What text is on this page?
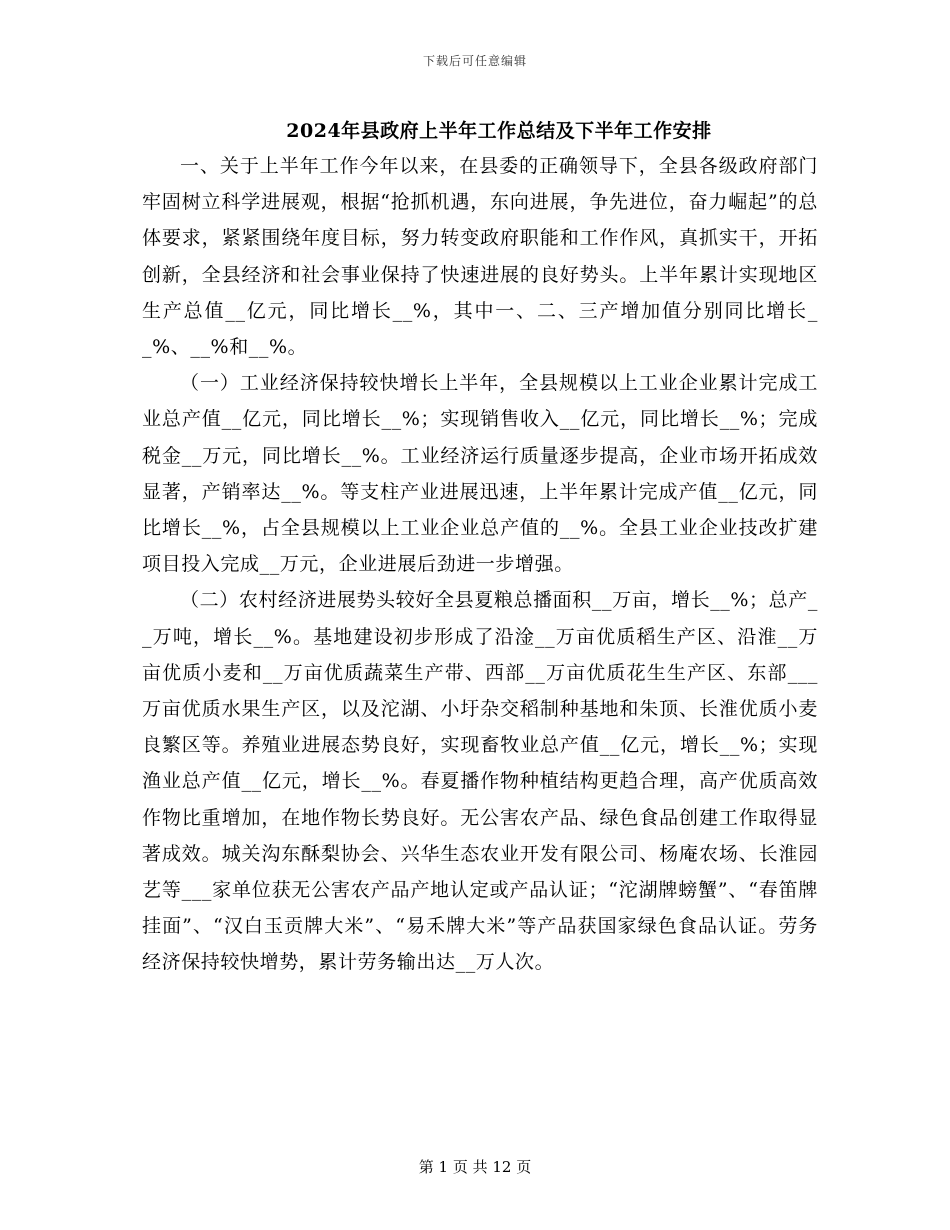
下载后可任意编辑
2024年县政府上半年工作总结及下半年工作安排

一、关于上半年工作今年以来，在县委的正确领导下，全县各级政府部门牢固树立科学进展观，根据“抢抓机遇，东向进展，争先进位，奋力崛起”的总体要求，紧紧围绕年度目标，努力转变政府职能和工作作风，真抓实干，开拓创新，全县经济和社会事业保持了快速进展的良好势头。上半年累计实现地区生产总值__亿元，同比增长__%，其中一、二、三产增加值分别同比增长__%、__%和__%。

（一）工业经济保持较快增长上半年，全县规模以上工业企业累计完成工业总产值__亿元，同比增长__%；实现销售收入__亿元，同比增长__%；完成税金__万元，同比增长__%。工业经济运行质量逐步提高，企业市场开拓成效显著，产销率达__%。等支柱产业进展迅速，上半年累计完成产值__亿元，同比增长__%，占全县规模以上工业企业总产值的__%。全县工业企业技改扩建项目投入完成__万元，企业进展后劲进一步增强。

（二）农村经济进展势头较好全县夏粮总播面积__万亩，增长__%；总产__万吨，增长__%。基地建设初步形成了沿淦__万亩优质稻生产区、沿淮__万亩优质小麦和__万亩优质蔬菜生产带、西部__万亩优质花生生产区、东部___万亩优质水果生产区，以及沱湖、小圩杂交稻制种基地和朱顶、长淮优质小麦良繁区等。养殖业进展态势良好，实现畜牧业总产值__亿元，增长__%；实现渔业总产值__亿元，增长__%。春夏播作物种植结构更趋合理，高产优质高效作物比重增加，在地作物长势良好。无公害农产品、绿色食品创建工作取得显著成效。城关沟东酥梨协会、兴华生态农业开发有限公司、杨庵农场、长淮园艺等___家单位获无公害农产品产地认定或产品认证；“沱湖牌螃蟹”、“春笛牌挂面”、“汉白玉贡牌大米”、“易禾牌大米”等产品获国家绿色食品认证。劳务经济保持较快增势，累计劳务输出达__万人次。

第 1 页 共 12 页
